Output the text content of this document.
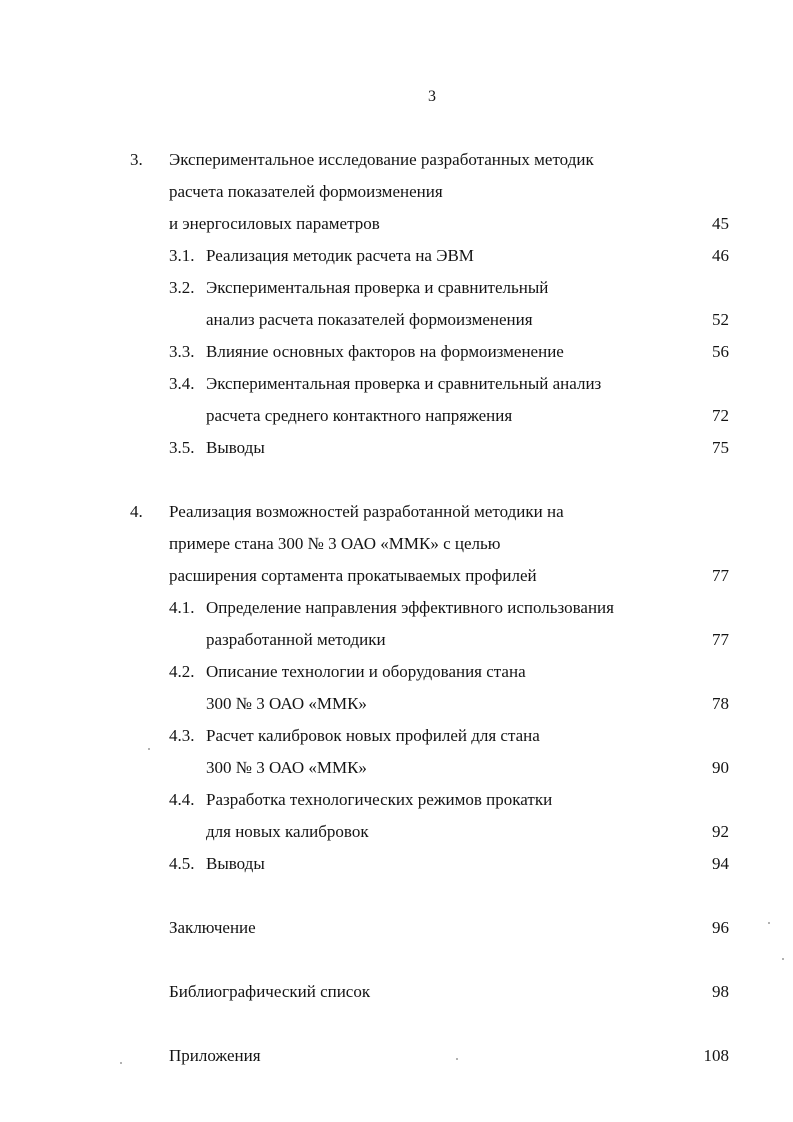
3
3. Экспериментальное исследование разработанных методик
расчета показателей формоизменения
и энергосиловых параметров	45
3.1. Реализация методик расчета на ЭВМ	46
3.2. Экспериментальная проверка и сравнительный
анализ расчета показателей формоизменения	52
3.3. Влияние основных факторов на формоизменение	56
3.4. Экспериментальная проверка и сравнительный анализ
расчета среднего контактного напряжения	72
3.5. Выводы	75
4. Реализация возможностей разработанной методики на
примере стана 300 № 3 ОАО «ММК» с целью
расширения сортамента прокатываемых профилей	77
4.1. Определение направления эффективного использования
разработанной методики	77
4.2. Описание технологии и оборудования стана
300 № 3 ОАО «ММК»	78
4.3. Расчет калибровок новых профилей для стана
300 № 3 ОАО «ММК»	90
4.4. Разработка технологических режимов прокатки
для новых калибровок	92
4.5. Выводы	94
Заключение	96
Библиографический список	98
Приложения	108
